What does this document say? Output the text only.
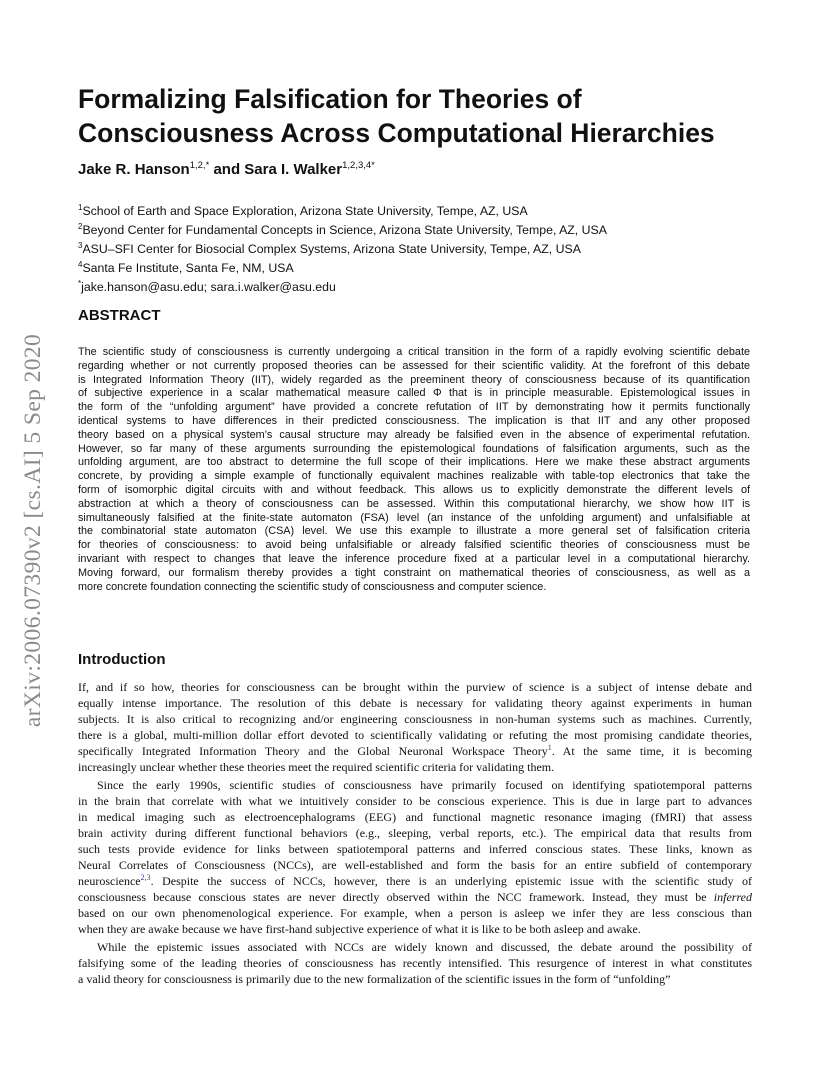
arXiv:2006.07390v2 [cs.AI] 5 Sep 2020
Formalizing Falsification for Theories of
Consciousness Across Computational Hierarchies
Jake R. Hanson$^{1,2,*}$ and Sara I. Walker$^{1,2,3,4*}$
$^1$School of Earth and Space Exploration, Arizona State University, Tempe, AZ, USA
$^2$Beyond Center for Fundamental Concepts in Science, Arizona State University, Tempe, AZ, USA
$^3$ASU–SFI Center for Biosocial Complex Systems, Arizona State University, Tempe, AZ, USA
$^4$Santa Fe Institute, Santa Fe, NM, USA
*jake.hanson@asu.edu; sara.i.walker@asu.edu
ABSTRACT
The scientific study of consciousness is currently undergoing a critical transition in the form of a rapidly evolving scientific debate
regarding whether or not currently proposed theories can be assessed for their scientific validity. At the forefront of this debate
is Integrated Information Theory (IIT), widely regarded as the preeminent theory of consciousness because of its quantification
of subjective experience in a scalar mathematical measure called Φ that is in principle measurable. Epistemological issues in
the form of the “unfolding argument” have provided a concrete refutation of IIT by demonstrating how it permits functionally
identical systems to have differences in their predicted consciousness. The implication is that IIT and any other proposed
theory based on a physical system’s causal structure may already be falsified even in the absence of experimental refutation.
However, so far many of these arguments surrounding the epistemological foundations of falsification arguments, such as the
unfolding argument, are too abstract to determine the full scope of their implications. Here we make these abstract arguments
concrete, by providing a simple example of functionally equivalent machines realizable with table-top electronics that take the
form of isomorphic digital circuits with and without feedback. This allows us to explicitly demonstrate the different levels of
abstraction at which a theory of consciousness can be assessed. Within this computational hierarchy, we show how IIT is
simultaneously falsified at the finite-state automaton (FSA) level (an instance of the unfolding argument) and unfalsifiable at
the combinatorial state automaton (CSA) level. We use this example to illustrate a more general set of falsification criteria
for theories of consciousness: to avoid being unfalsifiable or already falsified scientific theories of consciousness must be
invariant with respect to changes that leave the inference procedure fixed at a particular level in a computational hierarchy.
Moving forward, our formalism thereby provides a tight constraint on mathematical theories of consciousness, as well as a
more concrete foundation connecting the scientific study of consciousness and computer science.
Introduction
If, and if so how, theories for consciousness can be brought within the purview of science is a subject of intense debate and
equally intense importance. The resolution of this debate is necessary for validating theory against experiments in human
subjects. It is also critical to recognizing and/or engineering consciousness in non-human systems such as machines. Currently,
there is a global, multi-million dollar effort devoted to scientifically validating or refuting the most promising candidate theories,
specifically Integrated Information Theory and the Global Neuronal Workspace Theory$^1$. At the same time, it is becoming
increasingly unclear whether these theories meet the required scientific criteria for validating them.
Since the early 1990s, scientific studies of consciousness have primarily focused on identifying spatiotemporal patterns
in the brain that correlate with what we intuitively consider to be conscious experience. This is due in large part to advances
in medical imaging such as electroencephalograms (EEG) and functional magnetic resonance imaging (fMRI) that assess
brain activity during different functional behaviors (e.g., sleeping, verbal reports, etc.). The empirical data that results from
such tests provide evidence for links between spatiotemporal patterns and inferred conscious states. These links, known as
Neural Correlates of Consciousness (NCCs), are well-established and form the basis for an entire subfield of contemporary
neuroscience$^{2,3}$. Despite the success of NCCs, however, there is an underlying epistemic issue with the scientific study of
consciousness because conscious states are never directly observed within the NCC framework. Instead, they must be inferred
based on our own phenomenological experience. For example, when a person is asleep we infer they are less conscious than
when they are awake because we have first-hand subjective experience of what it is like to be both asleep and awake.
While the epistemic issues associated with NCCs are widely known and discussed, the debate around the possibility of
falsifying some of the leading theories of consciousness has recently intensified. This resurgence of interest in what constitutes
a valid theory for consciousness is primarily due to the new formalization of the scientific issues in the form of “unfolding”
